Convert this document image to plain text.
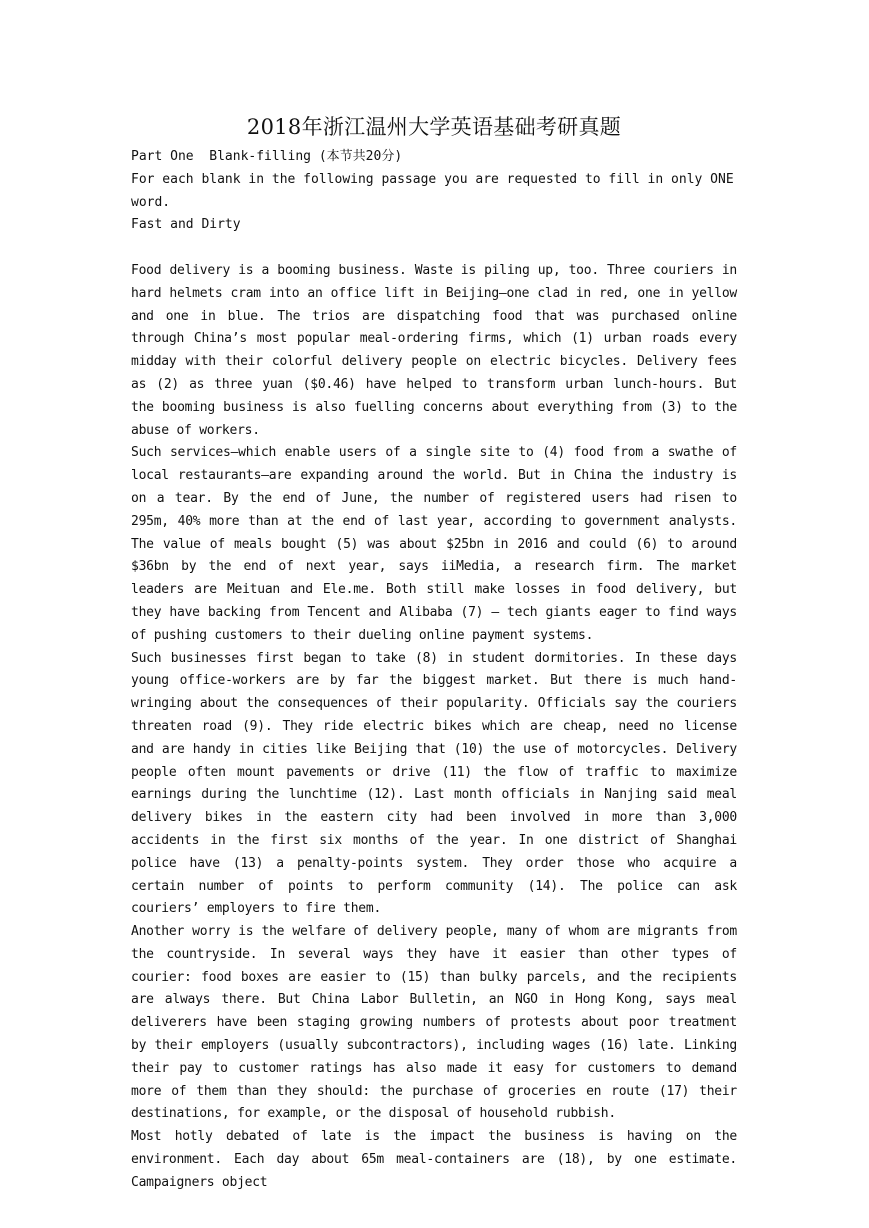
2018年浙江温州大学英语基础考研真题
Part One  Blank-filling (本节共20分)
For each blank in the following passage you are requested to fill in only ONE word.
Fast and Dirty

Food delivery is a booming business. Waste is piling up, too. Three couriers in hard helmets cram into an office lift in Beijing—one clad in red, one in yellow and one in blue. The trios are dispatching food that was purchased online through China’s most popular meal-ordering firms, which (1) urban roads every midday with their colorful delivery people on electric bicycles. Delivery fees as (2) as three yuan ($0.46) have helped to transform urban lunch-hours. But the booming business is also fuelling concerns about everything from (3) to the abuse of workers.

Such services—which enable users of a single site to (4) food from a swathe of local restaurants—are expanding around the world. But in China the industry is on a tear. By the end of June, the number of registered users had risen to 295m, 40% more than at the end of last year, according to government analysts. The value of meals bought (5) was about $25bn in 2016 and could (6) to around $36bn by the end of next year, says iiMedia, a research firm. The market leaders are Meituan and Ele.me. Both still make losses in food delivery, but they have backing from Tencent and Alibaba (7) — tech giants eager to find ways of pushing customers to their dueling online payment systems.

Such businesses first began to take (8) in student dormitories. In these days young office-workers are by far the biggest market. But there is much hand-wringing about the consequences of their popularity. Officials say the couriers threaten road (9). They ride electric bikes which are cheap, need no license and are handy in cities like Beijing that (10) the use of motorcycles. Delivery people often mount pavements or drive (11) the flow of traffic to maximize earnings during the lunchtime (12). Last month officials in Nanjing said meal delivery bikes in the eastern city had been involved in more than 3,000 accidents in the first six months of the year. In one district of Shanghai police have (13) a penalty-points system. They order those who acquire a certain number of points to perform community (14). The police can ask couriers’ employers to fire them.

Another worry is the welfare of delivery people, many of whom are migrants from the countryside. In several ways they have it easier than other types of courier: food boxes are easier to (15) than bulky parcels, and the recipients are always there. But China Labor Bulletin, an NGO in Hong Kong, says meal deliverers have been staging growing numbers of protests about poor treatment by their employers (usually subcontractors), including wages (16) late. Linking their pay to customer ratings has also made it easy for customers to demand more of them than they should: the purchase of groceries en route (17) their destinations, for example, or the disposal of household rubbish.

Most hotly debated of late is the impact the business is having on the environment. Each day about 65m meal-containers are (18), by one estimate. Campaigners object
